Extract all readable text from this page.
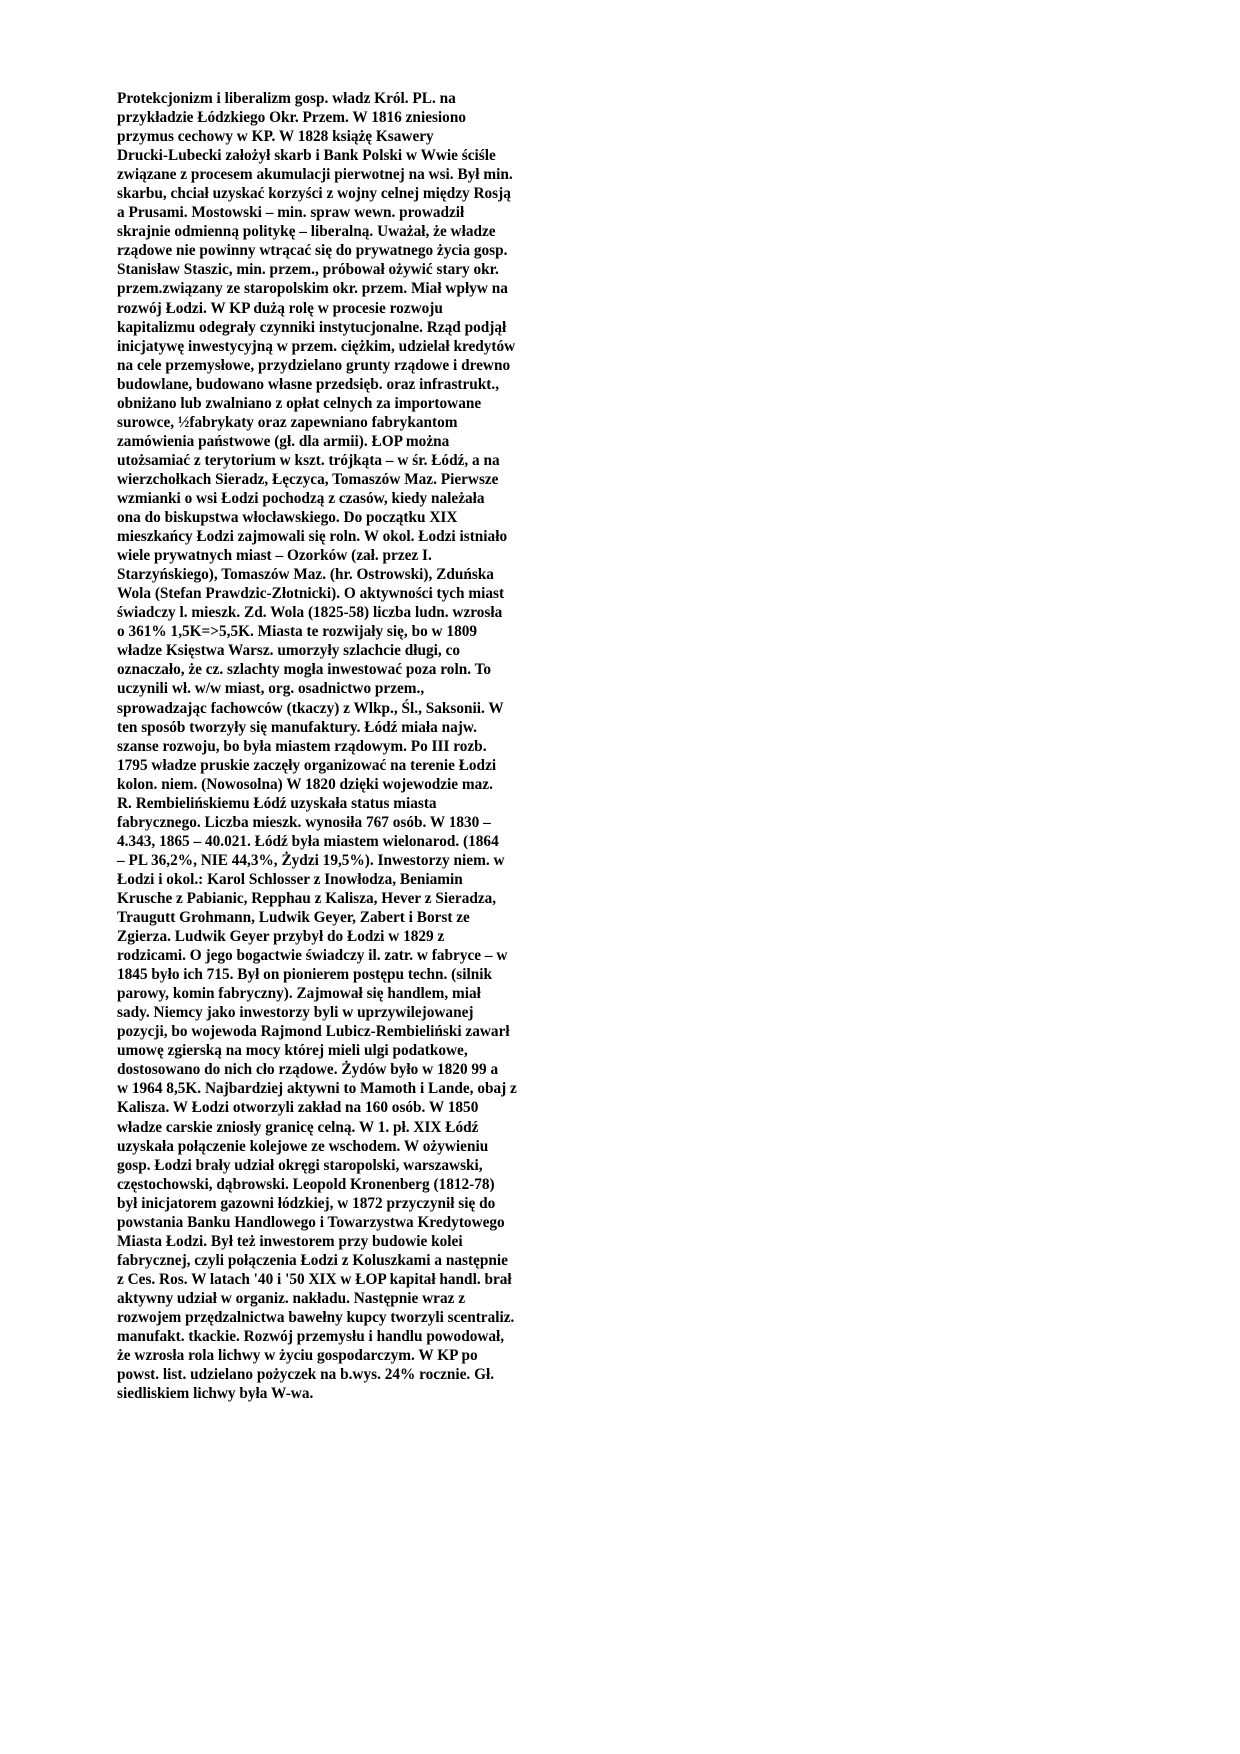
Protekcjonizm i liberalizm gosp. władz Król. PL. na
przykładzie Łódzkiego Okr. Przem. W 1816 zniesiono
przymus cechowy w KP. W 1828 książę Ksawery
Drucki-Lubecki założył skarb i Bank Polski w Wwie ściśle
związane z procesem akumulacji pierwotnej na wsi. Był min.
skarbu, chciał uzyskać korzyści z wojny celnej między Rosją
a Prusami. Mostowski – min. spraw wewn. prowadził
skrajnie odmienną politykę – liberalną. Uważał, że władze
rządowe nie powinny wtrącać się do prywatnego życia gosp.
Stanisław Staszic, min. przem., próbował ożywić stary okr.
przem.związany ze staropolskim okr. przem. Miał wpływ na
rozwój Łodzi. W KP dużą rolę w procesie rozwoju
kapitalizmu odegrały czynniki instytucjonalne. Rząd podjął
inicjatywę inwestycyjną w przem. ciężkim, udzielał kredytów
na cele przemysłowe, przydzielano grunty rządowe i drewno
budowlane, budowano własne przedsięb. oraz infrastrukt.,
obniżano lub zwalniano z opłat celnych za importowane
surowce, ½fabrykaty oraz zapewniano fabrykantom
zamówienia państwowe (gł. dla armii). ŁOP można
utożsamiać z terytorium w kszt. trójkąta – w śr. Łódź, a na
wierzchołkach Sieradz, Łęczyca, Tomaszów Maz. Pierwsze
wzmianki o wsi Łodzi pochodzą z czasów, kiedy należała
ona do biskupstwa włocławskiego. Do początku XIX
mieszkańcy Łodzi zajmowali się roln. W okol. Łodzi istniało
wiele prywatnych miast – Ozorków (zał. przez I.
Starzyńskiego), Tomaszów Maz. (hr. Ostrowski), Zduńska
Wola (Stefan Prawdzic-Złotnicki). O aktywności tych miast
świadczy l. mieszk. Zd. Wola (1825-58) liczba ludn. wzrosła
o 361% 1,5K=>5,5K. Miasta te rozwijały się, bo w 1809
władze Księstwa Warsz. umorzyły szlachcie długi, co
oznaczało, że cz. szlachty mogła inwestować poza roln. To
uczynili wł. w/w miast, org. osadnictwo przem.,
sprowadzając fachowców (tkaczy) z Wlkp., Śl., Saksonii. W
ten sposób tworzyły się manufaktury. Łódź miała najw.
szanse rozwoju, bo była miastem rządowym. Po III rozb.
1795 władze pruskie zaczęły organizować na terenie Łodzi
kolon. niem. (Nowosolna) W 1820 dzięki wojewodzie maz.
R. Rembielińskiemu Łódź uzyskała status miasta
fabrycznego. Liczba mieszk. wynosiła 767 osób. W 1830 –
4.343, 1865 – 40.021. Łódź była miastem wielonarod. (1864
– PL 36,2%, NIE 44,3%, Żydzi 19,5%). Inwestorzy niem. w
Łodzi i okol.: Karol Schlosser z Inowłodza, Beniamin
Krusche z Pabianic, Repphau z Kalisza, Hever z Sieradza,
Traugutt Grohmann, Ludwik Geyer, Zabert i Borst ze
Zgierza. Ludwik Geyer przybył do Łodzi w 1829 z
rodzicami. O jego bogactwie świadczy il. zatr. w fabryce – w
1845 było ich 715. Był on pionierem postępu techn. (silnik
parowy, komin fabryczny). Zajmował się handlem, miał
sady. Niemcy jako inwestorzy byli w uprzywilejowanej
pozycji, bo wojewoda Rajmond Lubicz-Rembieliński zawarł
umowę zgierską na mocy której mieli ulgi podatkowe,
dostosowano do nich cło rządowe. Żydów było w 1820 99 a
w 1964 8,5K. Najbardziej aktywni to Mamoth i Lande, obaj z
Kalisza. W Łodzi otworzyli zakład na 160 osób. W 1850
władze carskie zniosły granicę celną. W 1. pł. XIX Łódź
uzyskała połączenie kolejowe ze wschodem. W ożywieniu
gosp. Łodzi brały udział okręgi staropolski, warszawski,
częstochowski, dąbrowski. Leopold Kronenberg (1812-78)
był inicjatorem gazowni łódzkiej, w 1872 przyczynił się do
powstania Banku Handlowego i Towarzystwa Kredytowego
Miasta Łodzi. Był też inwestorem przy budowie kolei
fabrycznej, czyli połączenia Łodzi z Koluszkami a następnie
z Ces. Ros. W latach '40 i '50 XIX w ŁOP kapitał handl. brał
aktywny udział w organiz. nakładu. Następnie wraz z
rozwojem przędzalnictwa bawełny kupcy tworzyli scentraliz.
manufakt. tkackie. Rozwój przemysłu i handlu powodował,
że wzrosła rola lichwy w życiu gospodarczym. W KP po
powst. list. udzielano pożyczek na b.wys. 24% rocznie. Gł.
siedliskiem lichwy była W-wa.
